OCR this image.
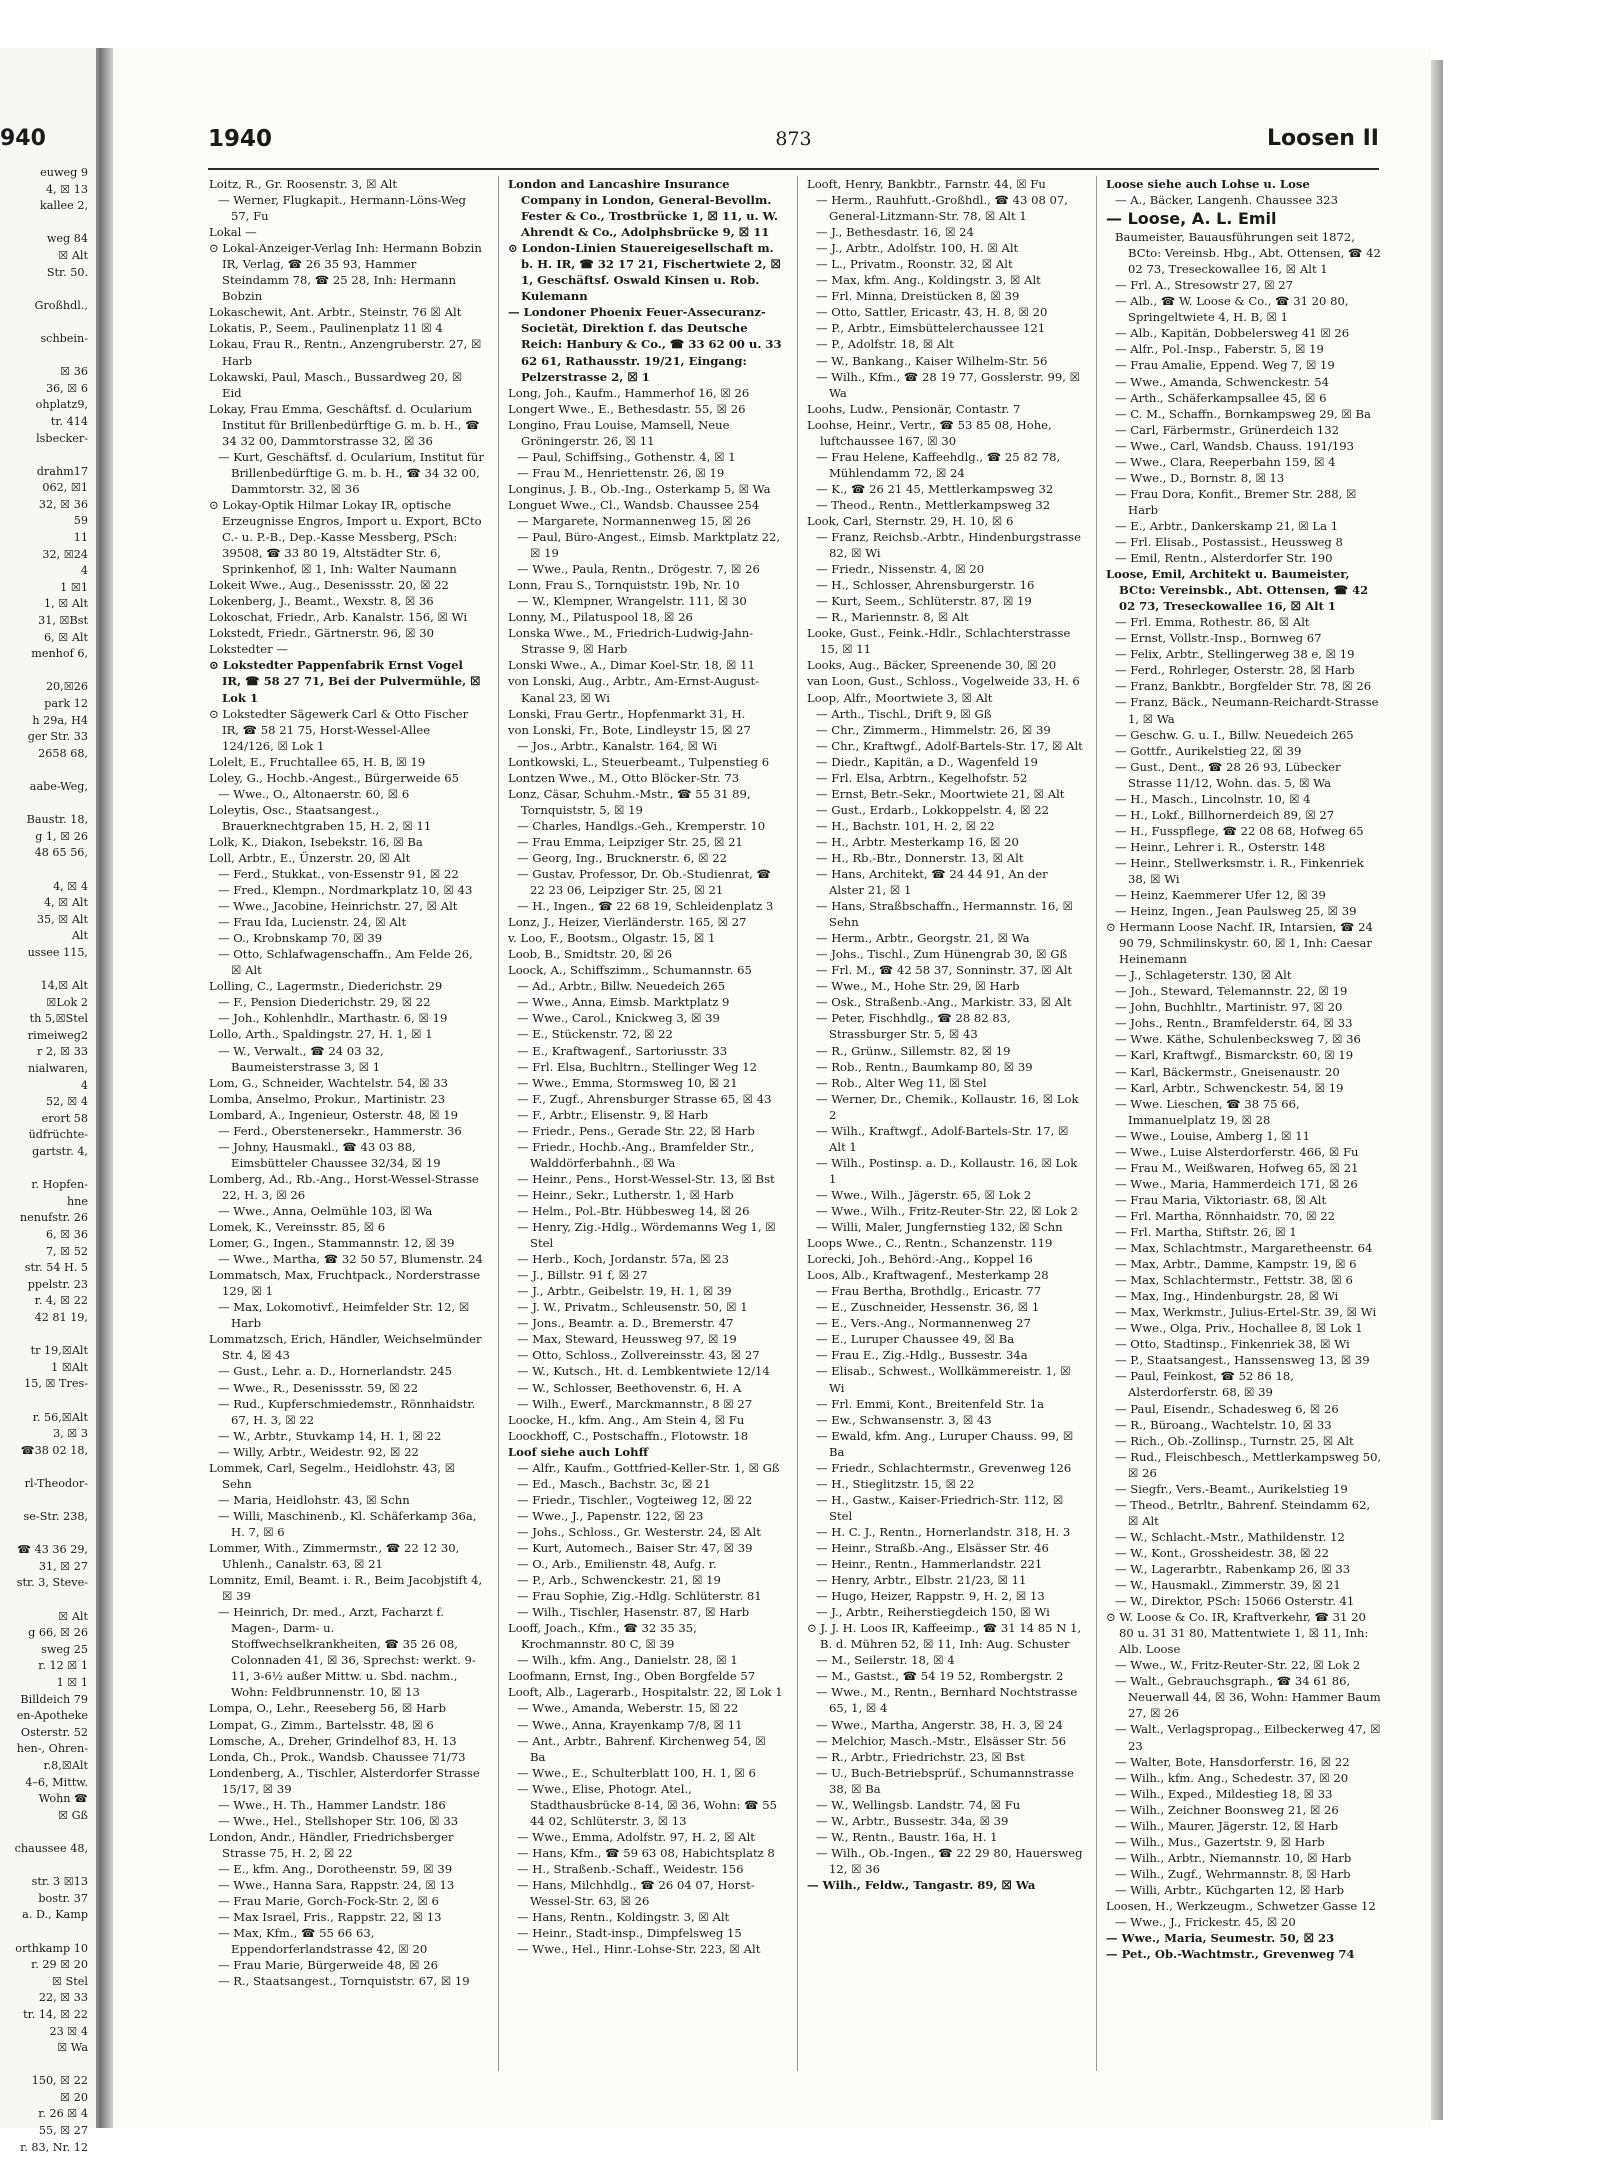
940
euweg 9
4, ☒ 13
kallee 2,

weg 84
☒ Alt
Str. 50.

Großhdl.,

schbein-

☒ 36
36, ☒ 6
ohplatz9,
tr. 414
lsbecker-

drahm17
062, ☒1
32, ☒ 36
59
11
32, ☒24
4
1 ☒1
1, ☒ Alt
31, ☒Bst
6, ☒ Alt
menhof 6,

20,☒26
park 12
h 29a, H4
ger Str. 33
2658 68,

aabe-Weg,

Baustr. 18,
g 1, ☒ 26
48 65 56,

4, ☒ 4
4, ☒ Alt
35, ☒ Alt
Alt
ussee 115,

14,☒ Alt
☒Lok 2
th 5,☒Stel
rimeiweg2
r 2, ☒ 33
nialwaren,
4
52, ☒ 4
erort 58
üdfrüchte-
gartstr. 4,

r. Hopfen-
hne
nenufstr. 26
6, ☒ 36
7, ☒ 52
str. 54 H. 5
ppelstr. 23
r. 4, ☒ 22
42 81 19,

tr 19,☒Alt
1 ☒Alt
15, ☒ Tres-

r. 56,☒Alt
3, ☒ 3
☎38 02 18,

rl-Theodor-

se-Str. 238,

☎ 43 36 29,
31, ☒ 27
str. 3, Steve-

☒ Alt
g 66, ☒ 26
sweg 25
r. 12 ☒ 1
1 ☒ 1
Billdeich 79
en-Apotheke
Osterstr. 52
hen-, Ohren-
r.8,☒Alt
4–6, Mittw.
Wohn ☎
☒ Gß

chaussee 48,

str. 3 ☒13
bostr. 37
a. D., Kamp

orthkamp 10
r. 29 ☒ 20
☒ Stel
22, ☒ 33
tr. 14, ☒ 22
23 ☒ 4
☒ Wa

150, ☒ 22
☒ 20
r. 26 ☒ 4
55, ☒ 27
r. 83, Nr. 12
1940	873	Loosen II
Loitz, R., Gr. Roosenstr. 3, ☒ Alt
— Werner, Flugkapit., Hermann-Löns-Weg 57, Fu
Lokal —
⊙ Lokal-Anzeiger-Verlag Inh: Hermann Bobzin IR, Verlag, ☎ 26 35 93, Hammer Steindamm 78, ☎ 25 28, Inh: Hermann Bobzin
Lokaschewit, Ant. Arbtr., Steinstr. 76 ☒ Alt
Lokatis, P., Seem., Paulinenplatz 11 ☒ 4
Lokau, Frau R., Rentn., Anzengruberstr. 27, ☒ Harb
Lokawski, Paul, Masch., Bussardweg 20, ☒ Eid
Lokay, Frau Emma, Geschäftsf. d. Ocularium Institut für Brillenbedürftige G. m. b. H., ☎ 34 32 00, Dammtorstrasse 32, ☒ 36
— Kurt, Geschäftsf. d. Ocularium, Institut für Brillenbedürftige G. m. b. H., ☎ 34 32 00, Dammtorstr. 32, ☒ 36
⊙ Lokay-Optik Hilmar Lokay IR, optische Erzeugnisse Engros, Import u. Export, BCto C.- u. P.-B., Dep.-Kasse Messberg, PSch: 39508, ☎ 33 80 19, Altstädter Str. 6, Sprinkenhof, ☒ 1, Inh: Walter Naumann
Lokeit Wwe., Aug., Desenissstr. 20, ☒ 22
Lokenberg, J., Beamt., Wexstr. 8, ☒ 36
Lokoschat, Friedr., Arb. Kanalstr. 156, ☒ Wi
Lokstedt, Friedr., Gärtnerstr. 96, ☒ 30
Lokstedter —
⊙ Lokstedter Pappenfabrik Ernst Vogel IR, ☎ 58 27 71, Bei der Pulvermühle, ☒ Lok 1
⊙ Lokstedter Sägewerk Carl & Otto Fischer IR, ☎ 58 21 75, Horst-Wessel-Allee 124/126, ☒ Lok 1
Lolelt, E., Fruchtallee 65, H. B, ☒ 19
Loley, G., Hochb.-Angest., Bürgerweide 65
— Wwe., O., Altonaerstr. 60, ☒ 6
Loleytis, Osc., Staatsangest., Brauerknechtgraben 15, H. 2, ☒ 11
Lolk, K., Diakon, Isebekstr. 16, ☒ Ba
Loll, Arbtr., E., Ünzerstr. 20, ☒ Alt
— Ferd., Stukkat., von-Essenstr 91, ☒ 22
— Fred., Klempn., Nordmarkplatz 10, ☒ 43
— Wwe., Jacobine, Heinrichstr. 27, ☒ Alt
— Frau Ida, Lucienstr. 24, ☒ Alt
— O., Krobnskamp 70, ☒ 39
— Otto, Schlafwagenschaffn., Am Felde 26, ☒ Alt
Lolling, C., Lagermstr., Diederichstr. 29
— F., Pension Diederichstr. 29, ☒ 22
— Joh., Kohlenhdlr., Marthastr. 6, ☒ 19
Lollo, Arth., Spaldingstr. 27, H. 1, ☒ 1
— W., Verwalt., ☎ 24 03 32, Baumeisterstrasse 3, ☒ 1
Lom, G., Schneider, Wachtelstr. 54, ☒ 33
Lomba, Anselmo, Prokur., Martinistr. 23
Lombard, A., Ingenieur, Osterstr. 48, ☒ 19
— Ferd., Oberstenersekr., Hammerstr. 36
— Johny, Hausmakl., ☎ 43 03 88, Eimsbütteler Chaussee 32/34, ☒ 19
Lomberg, Ad., Rb.-Ang., Horst-Wessel-Strasse 22, H. 3, ☒ 26
— Wwe., Anna, Oelmühle 103, ☒ Wa
Lomek, K., Vereinsstr. 85, ☒ 6
Lomer, G., Ingen., Stammannstr. 12, ☒ 39
— Wwe., Martha, ☎ 32 50 57, Blumenstr. 24
Lommatsch, Max, Fruchtpack., Norderstrasse 129, ☒ 1
— Max, Lokomotivf., Heimfelder Str. 12, ☒ Harb
Lommatzsch, Erich, Händler, Weichselmünder Str. 4, ☒ 43
— Gust., Lehr. a. D., Hornerlandstr. 245
— Wwe., R., Desenissstr. 59, ☒ 22
— Rud., Kupferschmiedemstr., Rönnhaidstr. 67, H. 3, ☒ 22
— W., Arbtr., Stuvkamp 14, H. 1, ☒ 22
— Willy, Arbtr., Weidestr. 92, ☒ 22
Lommek, Carl, Segelm., Heidlohstr. 43, ☒ Sehn
— Maria, Heidlohstr. 43, ☒ Schn
— Willi, Maschinenb., Kl. Schäferkamp 36a, H. 7, ☒ 6
Lommer, With., Zimmermstr., ☎ 22 12 30, Uhlenh., Canalstr. 63, ☒ 21
Lomnitz, Emil, Beamt. i. R., Beim Jacobjstift 4, ☒ 39
— Heinrich, Dr. med., Arzt, Facharzt f. Magen-, Darm- u. Stoffwechselkrankheiten, ☎ 35 26 08, Colonnaden 41, ☒ 36, Sprechst: werkt. 9-11, 3-6½ außer Mittw. u. Sbd. nachm., Wohn: Feldbrunnenstr. 10, ☒ 13
Lompa, O., Lehr., Reeseberg 56, ☒ Harb
Lompat, G., Zimm., Bartelsstr. 48, ☒ 6
Lomsche, A., Dreher, Grindelhof 83, H. 13
Londa, Ch., Prok., Wandsb. Chaussee 71/73
Londenberg, A., Tischler, Alsterdorfer Strasse 15/17, ☒ 39
— Wwe., H. Th., Hammer Landstr. 186
— Wwe., Hel., Stellshoper Str. 106, ☒ 33
London, Andr., Händler, Friedrichsberger Strasse 75, H. 2, ☒ 22
— E., kfm. Ang., Dorotheenstr. 59, ☒ 39
— Wwe., Hanna Sara, Rappstr. 24, ☒ 13
— Frau Marie, Gorch-Fock-Str. 2, ☒ 6
— Max Israel, Fris., Rappstr. 22, ☒ 13
— Max, Kfm., ☎ 55 66 63, Eppendorferlandstrasse 42, ☒ 20
— Frau Marie, Bürgerweide 48, ☒ 26
— R., Staatsangest., Tornquiststr. 67, ☒ 19
London and Lancashire Insurance Company in London, General-Bevollm. Fester & Co., Trostbrücke 1, ☒ 11, u. W. Ahrendt & Co., Adolphsbrücke 9, ☒ 11
⊙ London-Linien Stauereigesellschaft m. b. H. IR, ☎ 32 17 21, Fischertwiete 2, ☒ 1, Geschäftsf. Oswald Kinsen u. Rob. Kulemann
— Londoner Phoenix Feuer-Assecuranz-Societät, Direktion f. das Deutsche Reich: Hanbury & Co., ☎ 33 62 00 u. 33 62 61, Rathausstr. 19/21, Eingang: Pelzerstrasse 2, ☒ 1
Long, Joh., Kaufm., Hammerhof 16, ☒ 26
Longert Wwe., E., Bethesdastr. 55, ☒ 26
Longino, Frau Louise, Mamsell, Neue Gröningerstr. 26, ☒ 11
— Paul, Schiffsing., Gothenstr. 4, ☒ 1
— Frau M., Henriettenstr. 26, ☒ 19
Longinus, J. B., Ob.-Ing., Osterkamp 5, ☒ Wa
Longuet Wwe., Cl., Wandsb. Chaussee 254
— Margarete, Normannenweg 15, ☒ 26
— Paul, Büro-Angest., Eimsb. Marktplatz 22, ☒ 19
— Wwe., Paula, Rentn., Drögestr. 7, ☒ 26
Lonn, Frau S., Tornquiststr. 19b, Nr. 10
— W., Klempner, Wrangelstr. 111, ☒ 30
Lonny, M., Pilatuspool 18, ☒ 26
Lonska Wwe., M., Friedrich-Ludwig-Jahn-Strasse 9, ☒ Harb
Lonski Wwe., A., Dimar Koel-Str. 18, ☒ 11
von Lonski, Aug., Arbtr., Am-Ernst-August-Kanal 23, ☒ Wi
Lonski, Frau Gertr., Hopfenmarkt 31, H.
von Lonski, Fr., Bote, Lindleystr 15, ☒ 27
— Jos., Arbtr., Kanalstr. 164, ☒ Wi
Lontkowski, L., Steuerbeamt., Tulpenstieg 6
Lontzen Wwe., M., Otto Blöcker-Str. 73
Lonz, Cäsar, Schuhm.-Mstr., ☎ 55 31 89, Tornquiststr. 5, ☒ 19
— Charles, Handlgs.-Geh., Kremperstr. 10
— Frau Emma, Leipziger Str. 25, ☒ 21
— Georg, Ing., Brucknerstr. 6, ☒ 22
— Gustav, Professor, Dr. Ob.-Studienrat, ☎ 22 23 06, Leipziger Str. 25, ☒ 21
— H., Ingen., ☎ 22 68 19, Schleidenplatz 3
Lonz, J., Heizer, Vierländerstr. 165, ☒ 27
v. Loo, F., Bootsm., Olgastr. 15, ☒ 1
Loob, B., Smidtstr. 20, ☒ 26
Loock, A., Schiffszimm., Schumannstr. 65
— Ad., Arbtr., Billw. Neuedeich 265
— Wwe., Anna, Eimsb. Marktplatz 9
— Wwe., Carol., Knickweg 3, ☒ 39
— E., Stückenstr. 72, ☒ 22
— E., Kraftwagenf., Sartoriusstr. 33
— Frl. Elsa, Buchltrn., Stellinger Weg 12
— Wwe., Emma, Stormsweg 10, ☒ 21
— F., Zugf., Ahrensburger Strasse 65, ☒ 43
— F., Arbtr., Elisenstr. 9, ☒ Harb
— Friedr., Pens., Gerade Str. 22, ☒ Harb
— Friedr., Hochb.-Ang., Bramfelder Str., Walddörferbahnh., ☒ Wa
— Heinr., Pens., Horst-Wessel-Str. 13, ☒ Bst
— Heinr., Sekr., Lutherstr. 1, ☒ Harb
— Helm., Pol.-Btr. Hübbesweg 14, ☒ 26
— Henry, Zig.-Hdlg., Wördemanns Weg 1, ☒ Stel
— Herb., Koch, Jordanstr. 57a, ☒ 23
— J., Billstr. 91 f, ☒ 27
— J., Arbtr., Geibelstr. 19, H. 1, ☒ 39
— J. W., Privatm., Schleusenstr. 50, ☒ 1
— Jons., Beamtr. a. D., Bremerstr. 47
— Max, Steward, Heussweg 97, ☒ 19
— Otto, Schloss., Zollvereinsstr. 43, ☒ 27
— W., Kutsch., Ht. d. Lembkentwiete 12/14
— W., Schlosser, Beethovenstr. 6, H. A
— Wilh., Ewerf., Marckmannstr., 8 ☒ 27
Loocke, H., kfm. Ang., Am Stein 4, ☒ Fu
Loockhoff, C., Postschaffn., Flotowstr. 18
Loof siehe auch Lohff
— Alfr., Kaufm., Gottfried-Keller-Str. 1, ☒ Gß
— Ed., Masch., Bachstr. 3c, ☒ 21
— Friedr., Tischler., Vogteiweg 12, ☒ 22
— Wwe., J., Papenstr. 122, ☒ 23
— Johs., Schloss., Gr. Westerstr. 24, ☒ Alt
— Kurt, Automech., Baiser Str. 47, ☒ 39
— O., Arb., Emilienstr. 48, Aufg. r.
— P., Arb., Schwenckestr. 21, ☒ 19
— Frau Sophie, Zig.-Hdlg. Schlüterstr. 81
— Wilh., Tischler, Hasenstr. 87, ☒ Harb
Looff, Joach., Kfm., ☎ 32 35 35, Krochmannstr. 80 C, ☒ 39
— Wilh., kfm. Ang., Danielstr. 28, ☒ 1
Loofmann, Ernst, Ing., Oben Borgfelde 57
Looft, Alb., Lagerarb., Hospitalstr. 22, ☒ Lok 1
— Wwe., Amanda, Weberstr. 15, ☒ 22
— Wwe., Anna, Krayenkamp 7/8, ☒ 11
— Ant., Arbtr., Bahrenf. Kirchenweg 54, ☒ Ba
— Wwe., E., Schulterblatt 100, H. 1, ☒ 6
— Wwe., Elise, Photogr. Atel., Stadthausbrücke 8-14, ☒ 36, Wohn: ☎ 55 44 02, Schlüterstr. 3, ☒ 13
— Wwe., Emma, Adolfstr. 97, H. 2, ☒ Alt
— Hans, Kfm., ☎ 59 63 08, Habichtsplatz 8
— H., Straßenb.-Schaff., Weidestr. 156
— Hans, Milchhdlg., ☎ 26 04 07, Horst-Wessel-Str. 63, ☒ 26
— Hans, Rentn., Koldingstr. 3, ☒ Alt
— Heinr., Stadt-insp., Dimpfelsweg 15
— Wwe., Hel., Hinr.-Lohse-Str. 223, ☒ Alt
Looft, Henry, Bankbtr., Farnstr. 44, ☒ Fu
— Herm., Rauhfutt.-Großhdl., ☎ 43 08 07, General-Litzmann-Str. 78, ☒ Alt 1
— J., Bethesdastr. 16, ☒ 24
— J., Arbtr., Adolfstr. 100, H. ☒ Alt
— L., Privatm., Roonstr. 32, ☒ Alt
— Max, kfm. Ang., Koldingstr. 3, ☒ Alt
— Frl. Minna, Dreistücken 8, ☒ 39
— Otto, Sattler, Ericastr. 43, H. 8, ☒ 20
— P., Arbtr., Eimsbüttelerchaussee 121
— P., Adolfstr. 18, ☒ Alt
— W., Bankang., Kaiser Wilhelm-Str. 56
— Wilh., Kfm., ☎ 28 19 77, Gosslerstr. 99, ☒ Wa
Loohs, Ludw., Pensionär, Contastr. 7
Loohse, Heinr., Vertr., ☎ 53 85 08, Hohe, luftchaussee 167, ☒ 30
— Frau Helene, Kaffeehdlg., ☎ 25 82 78, Mühlendamm 72, ☒ 24
— K., ☎ 26 21 45, Mettlerkampsweg 32
— Theod., Rentn., Mettlerkampsweg 32
Look, Carl, Sternstr. 29, H. 10, ☒ 6
— Franz, Reichsb.-Arbtr., Hindenburgstrasse 82, ☒ Wi
— Friedr., Nissenstr. 4, ☒ 20
— H., Schlosser, Ahrensburgerstr. 16
— Kurt, Seem., Schlüterstr. 87, ☒ 19
— R., Mariennstr. 8, ☒ Alt
Looke, Gust., Feink.-Hdlr., Schlachterstrasse 15, ☒ 11
Looks, Aug., Bäcker, Spreenende 30, ☒ 20
van Loon, Gust., Schloss., Vogelweide 33, H. 6
Loop, Alfr., Moortwiete 3, ☒ Alt
— Arth., Tischl., Drift 9, ☒ Gß
— Chr., Zimmerm., Himmelstr. 26, ☒ 39
— Chr., Kraftwgf., Adolf-Bartels-Str. 17, ☒ Alt
— Diedr., Kapitän, a D., Wagenfeld 19
— Frl. Elsa, Arbtrn., Kegelhofstr. 52
— Ernst, Betr.-Sekr., Moortwiete 21, ☒ Alt
— Gust., Erdarb., Lokkoppelstr. 4, ☒ 22
— H., Bachstr. 101, H. 2, ☒ 22
— H., Arbtr. Mesterkamp 16, ☒ 20
— H., Rb.-Btr., Donnerstr. 13, ☒ Alt
— Hans, Architekt, ☎ 24 44 91, An der Alster 21, ☒ 1
— Hans, Straßbschaffn., Hermannstr. 16, ☒ Sehn
— Herm., Arbtr., Georgstr. 21, ☒ Wa
— Johs., Tischl., Zum Hünengrab 30, ☒ Gß
— Frl. M., ☎ 42 58 37, Sonninstr. 37, ☒ Alt
— Wwe., M., Hohe Str. 29, ☒ Harb
— Osk., Straßenb.-Ang., Markistr. 33, ☒ Alt
— Peter, Fischhdlg., ☎ 28 82 83, Strassburger Str. 5, ☒ 43
— R., Grünw., Sillemstr. 82, ☒ 19
— Rob., Rentn., Baumkamp 80, ☒ 39
— Rob., Alter Weg 11, ☒ Stel
— Werner, Dr., Chemik., Kollaustr. 16, ☒ Lok 2
— Wilh., Kraftwgf., Adolf-Bartels-Str. 17, ☒ Alt 1
— Wilh., Postinsp. a. D., Kollaustr. 16, ☒ Lok 1
— Wwe., Wilh., Jägerstr. 65, ☒ Lok 2
— Wwe., Wilh., Fritz-Reuter-Str. 22, ☒ Lok 2
— Willi, Maler, Jungfernstieg 132, ☒ Schn
Loops Wwe., C., Rentn., Schanzenstr. 119
Lorecki, Joh., Behörd.-Ang., Koppel 16
Loos, Alb., Kraftwagenf., Mesterkamp 28
— Frau Bertha, Brothdlg., Ericastr. 77
— E., Zuschneider, Hessenstr. 36, ☒ 1
— E., Vers.-Ang., Normannenweg 27
— E., Luruper Chaussee 49, ☒ Ba
— Frau E., Zig.-Hdlg., Bussestr. 34a
— Elisab., Schwest., Wollkämmereistr. 1, ☒ Wi
— Frl. Emmi, Kont., Breitenfeld Str. 1a
— Ew., Schwansenstr. 3, ☒ 43
— Ewald, kfm. Ang., Luruper Chauss. 99, ☒ Ba
— Friedr., Schlachtermstr., Grevenweg 126
— H., Stieglitzstr. 15, ☒ 22
— H., Gastw., Kaiser-Friedrich-Str. 112, ☒ Stel
— H. C. J., Rentn., Hornerlandstr. 318, H. 3
— Heinr., Straßb.-Ang., Elsässer Str. 46
— Heinr., Rentn., Hammerlandstr. 221
— Henry, Arbtr., Elbstr. 21/23, ☒ 11
— Hugo, Heizer, Rappstr. 9, H. 2, ☒ 13
— J., Arbtr., Reiherstiegdeich 150, ☒ Wi
⊙ J. J. H. Loos IR, Kaffeeimp., ☎ 31 14 85 N 1, B. d. Mühren 52, ☒ 11, Inh: Aug. Schuster
— M., Seilerstr. 18, ☒ 4
— M., Gastst., ☎ 54 19 52, Rombergstr. 2
— Wwe., M., Rentn., Bernhard Nochtstrasse 65, 1, ☒ 4
— Wwe., Martha, Angerstr. 38, H. 3, ☒ 24
— Melchior, Masch.-Mstr., Elsässer Str. 56
— R., Arbtr., Friedrichstr. 23, ☒ Bst
— U., Buch-Betriebsprüf., Schumannstrasse 38, ☒ Ba
— W., Wellingsb. Landstr. 74, ☒ Fu
— W., Arbtr., Bussestr. 34a, ☒ 39
— W., Rentn., Baustr. 16a, H. 1
— Wilh., Ob.-Ingen., ☎ 22 29 80, Hauersweg 12, ☒ 36
— Wilh., Feldw., Tangastr. 89, ☒ Wa
Loose siehe auch Lohse u. Lose
— A., Bäcker, Langenh. Chaussee 323
— Loose, A. L. Emil
Baumeister, Bauausführungen seit 1872, BCto: Vereinsb. Hbg., Abt. Ottensen, ☎ 42 02 73, Treseckowallee 16, ☒ Alt 1
— Frl. A., Stresowstr 27, ☒ 27
— Alb., ☎ W. Loose & Co., ☎ 31 20 80, Springeltwiete 4, H. B, ☒ 1
— Alb., Kapitän, Dobbelersweg 41 ☒ 26
— Alfr., Pol.-Insp., Faberstr. 5, ☒ 19
— Frau Amalie, Eppend. Weg 7, ☒ 19
— Wwe., Amanda, Schwenckestr. 54
— Arth., Schäferkampsallee 45, ☒ 6
— C. M., Schaffn., Bornkampsweg 29, ☒ Ba
— Carl, Färbermstr., Grünerdeich 132
— Wwe., Carl, Wandsb. Chauss. 191/193
— Wwe., Clara, Reeperbahn 159, ☒ 4
— Wwe., D., Bornstr. 8, ☒ 13
— Frau Dora, Konfit., Bremer Str. 288, ☒ Harb
— E., Arbtr., Dankerskamp 21, ☒ La 1
— Frl. Elisab., Postassist., Heussweg 8
— Emil, Rentn., Alsterdorfer Str. 190
Loose, Emil, Architekt u. Baumeister, BCto: Vereinsbk., Abt. Ottensen, ☎ 42 02 73, Treseckowallee 16, ☒ Alt 1
— Frl. Emma, Rothestr. 86, ☒ Alt
— Ernst, Vollstr.-Insp., Bornweg 67
— Felix, Arbtr., Stellingerweg 38 e, ☒ 19
— Ferd., Rohrleger, Osterstr. 28, ☒ Harb
— Franz, Bankbtr., Borgfelder Str. 78, ☒ 26
— Franz, Bäck., Neumann-Reichardt-Strasse 1, ☒ Wa
— Geschw. G. u. I., Billw. Neuedeich 265
— Gottfr., Aurikelstieg 22, ☒ 39
— Gust., Dent., ☎ 28 26 93, Lübecker Strasse 11/12, Wohn. das. 5, ☒ Wa
— H., Masch., Lincolnstr. 10, ☒ 4
— H., Lokf., Billhornerdeich 89, ☒ 27
— H., Fusspflege, ☎ 22 08 68, Hofweg 65
— Heinr., Lehrer i. R., Osterstr. 148
— Heinr., Stellwerksmstr. i. R., Finkenriek 38, ☒ Wi
— Heinz, Kaemmerer Ufer 12, ☒ 39
— Heinz, Ingen., Jean Paulsweg 25, ☒ 39
⊙ Hermann Loose Nachf. IR, Intarsien, ☎ 24 90 79, Schmilinskystr. 60, ☒ 1, Inh: Caesar Heinemann
— J., Schlageterstr. 130, ☒ Alt
— Joh., Steward, Telemannstr. 22, ☒ 19
— John, Buchhltr., Martinistr. 97, ☒ 20
— Johs., Rentn., Bramfelderstr. 64, ☒ 33
— Wwe. Käthe, Schulenbecksweg 7, ☒ 36
— Karl, Kraftwgf., Bismarckstr. 60, ☒ 19
— Karl, Bäckermstr., Gneisenaustr. 20
— Karl, Arbtr., Schwenckestr. 54, ☒ 19
— Wwe. Lieschen, ☎ 38 75 66, Immanuelplatz 19, ☒ 28
— Wwe., Louise, Amberg 1, ☒ 11
— Wwe., Luise Alsterdorferstr. 466, ☒ Fu
— Frau M., Weißwaren, Hofweg 65, ☒ 21
— Wwe., Maria, Hammerdeich 171, ☒ 26
— Frau Maria, Viktoriastr. 68, ☒ Alt
— Frl. Martha, Rönnhaidstr. 70, ☒ 22
— Frl. Martha, Stiftstr. 26, ☒ 1
— Max, Schlachtmstr., Margaretheenstr. 64
— Max, Arbtr., Damme, Kampstr. 19, ☒ 6
— Max, Schlachtermstr., Fettstr. 38, ☒ 6
— Max, Ing., Hindenburgstr. 28, ☒ Wi
— Max, Werkmstr., Julius-Ertel-Str. 39, ☒ Wi
— Wwe., Olga, Priv., Hochallee 8, ☒ Lok 1
— Otto, Stadtinsp., Finkenriek 38, ☒ Wi
— P., Staatsangest., Hanssensweg 13, ☒ 39
— Paul, Feinkost, ☎ 52 86 18, Alsterdorferstr. 68, ☒ 39
— Paul, Eisendr., Schadesweg 6, ☒ 26
— R., Büroang., Wachtelstr. 10, ☒ 33
— Rich., Ob.-Zollinsp., Turnstr. 25, ☒ Alt
— Rud., Fleischbesch., Mettlerkampsweg 50, ☒ 26
— Siegfr., Vers.-Beamt., Aurikelstieg 19
— Theod., Betrltr., Bahrenf. Steindamm 62, ☒ Alt
— W., Schlacht.-Mstr., Mathildenstr. 12
— W., Kont., Grossheidestr. 38, ☒ 22
— W., Lagerarbtr., Rabenkamp 26, ☒ 33
— W., Hausmakl., Zimmerstr. 39, ☒ 21
— W., Direktor, PSch: 15066 Osterstr. 41
⊙ W. Loose & Co. IR, Kraftverkehr, ☎ 31 20 80 u. 31 31 80, Mattentwiete 1, ☒ 11, Inh: Alb. Loose
— Wwe., W., Fritz-Reuter-Str. 22, ☒ Lok 2
— Walt., Gebrauchsgraph., ☎ 34 61 86, Neuerwall 44, ☒ 36, Wohn: Hammer Baum 27, ☒ 26
— Walt., Verlagspropag., Eilbeckerweg 47, ☒ 23
— Walter, Bote, Hansdorferstr. 16, ☒ 22
— Wilh., kfm. Ang., Schedestr. 37, ☒ 20
— Wilh., Exped., Mildestieg 18, ☒ 33
— Wilh., Zeichner Boonsweg 21, ☒ 26
— Wilh., Maurer, Jägerstr. 12, ☒ Harb
— Wilh., Mus., Gazertstr. 9, ☒ Harb
— Wilh., Arbtr., Niemannstr. 10, ☒ Harb
— Wilh., Zugf., Wehrmannstr. 8, ☒ Harb
— Willi, Arbtr., Küchgarten 12, ☒ Harb
Loosen, H., Werkzeugm., Schwetzer Gasse 12
— Wwe., J., Frickestr. 45, ☒ 20
— Wwe., Maria, Seumestr. 50, ☒ 23
— Pet., Ob.-Wachtmstr., Grevenweg 74
